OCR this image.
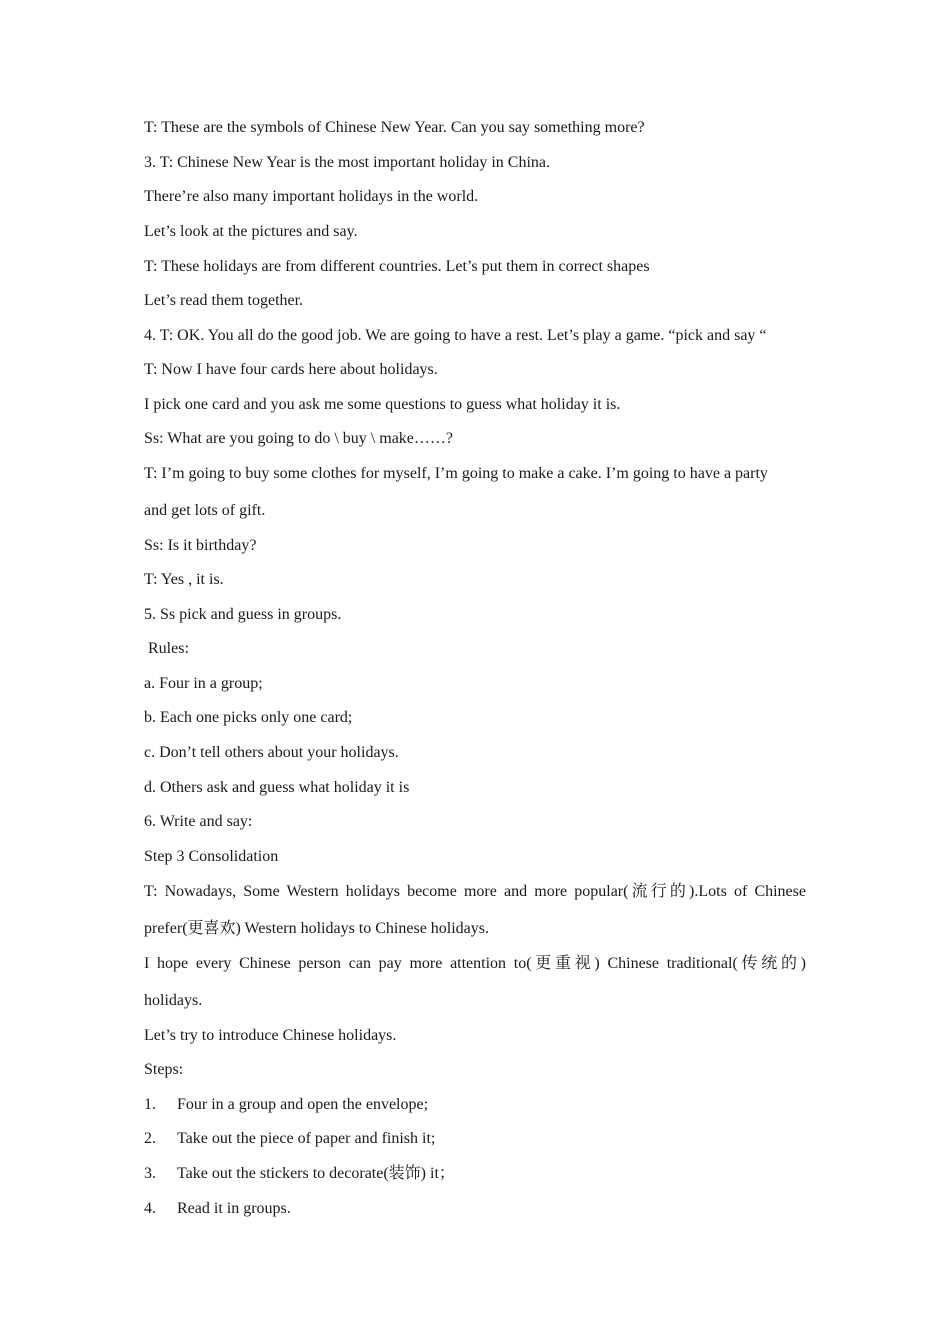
T: These are the symbols of Chinese New Year. Can you say something more?
3. T: Chinese New Year is the most important holiday in China.
There’re also many important holidays in the world.
Let’s look at the pictures and say.
T: These holidays are from different countries. Let’s put them in correct shapes
Let’s read them together.
4. T: OK. You all do the good job. We are going to have a rest. Let’s play a game. “pick and say “
T: Now I have four cards here about holidays.
I pick one card and you ask me some questions to guess what holiday it is.
Ss: What are you going to do \ buy \ make……?
T: I’m going to buy some clothes for myself, I’m going to make a cake. I’m going to have a party
and get lots of gift.
Ss: Is it birthday?
T: Yes , it is.
5. Ss pick and guess in groups.
Rules:
a. Four in a group;
b. Each one picks only one card;
c. Don’t tell others about your holidays.
d. Others ask and guess what holiday it is
6. Write and say:
Step 3 Consolidation
T: Nowadays, Some Western holidays become more and more popular(流行的).Lots of Chinese
prefer(更喜欢) Western holidays to Chinese holidays.
I hope every Chinese person can pay more attention to(更重视) Chinese traditional(传统的)
holidays.
Let’s try to introduce Chinese holidays.
Steps:
1. Four in a group and open the envelope;
2. Take out the piece of paper and finish it;
3. Take out the stickers to decorate(装饰) it；
4. Read it in groups.
